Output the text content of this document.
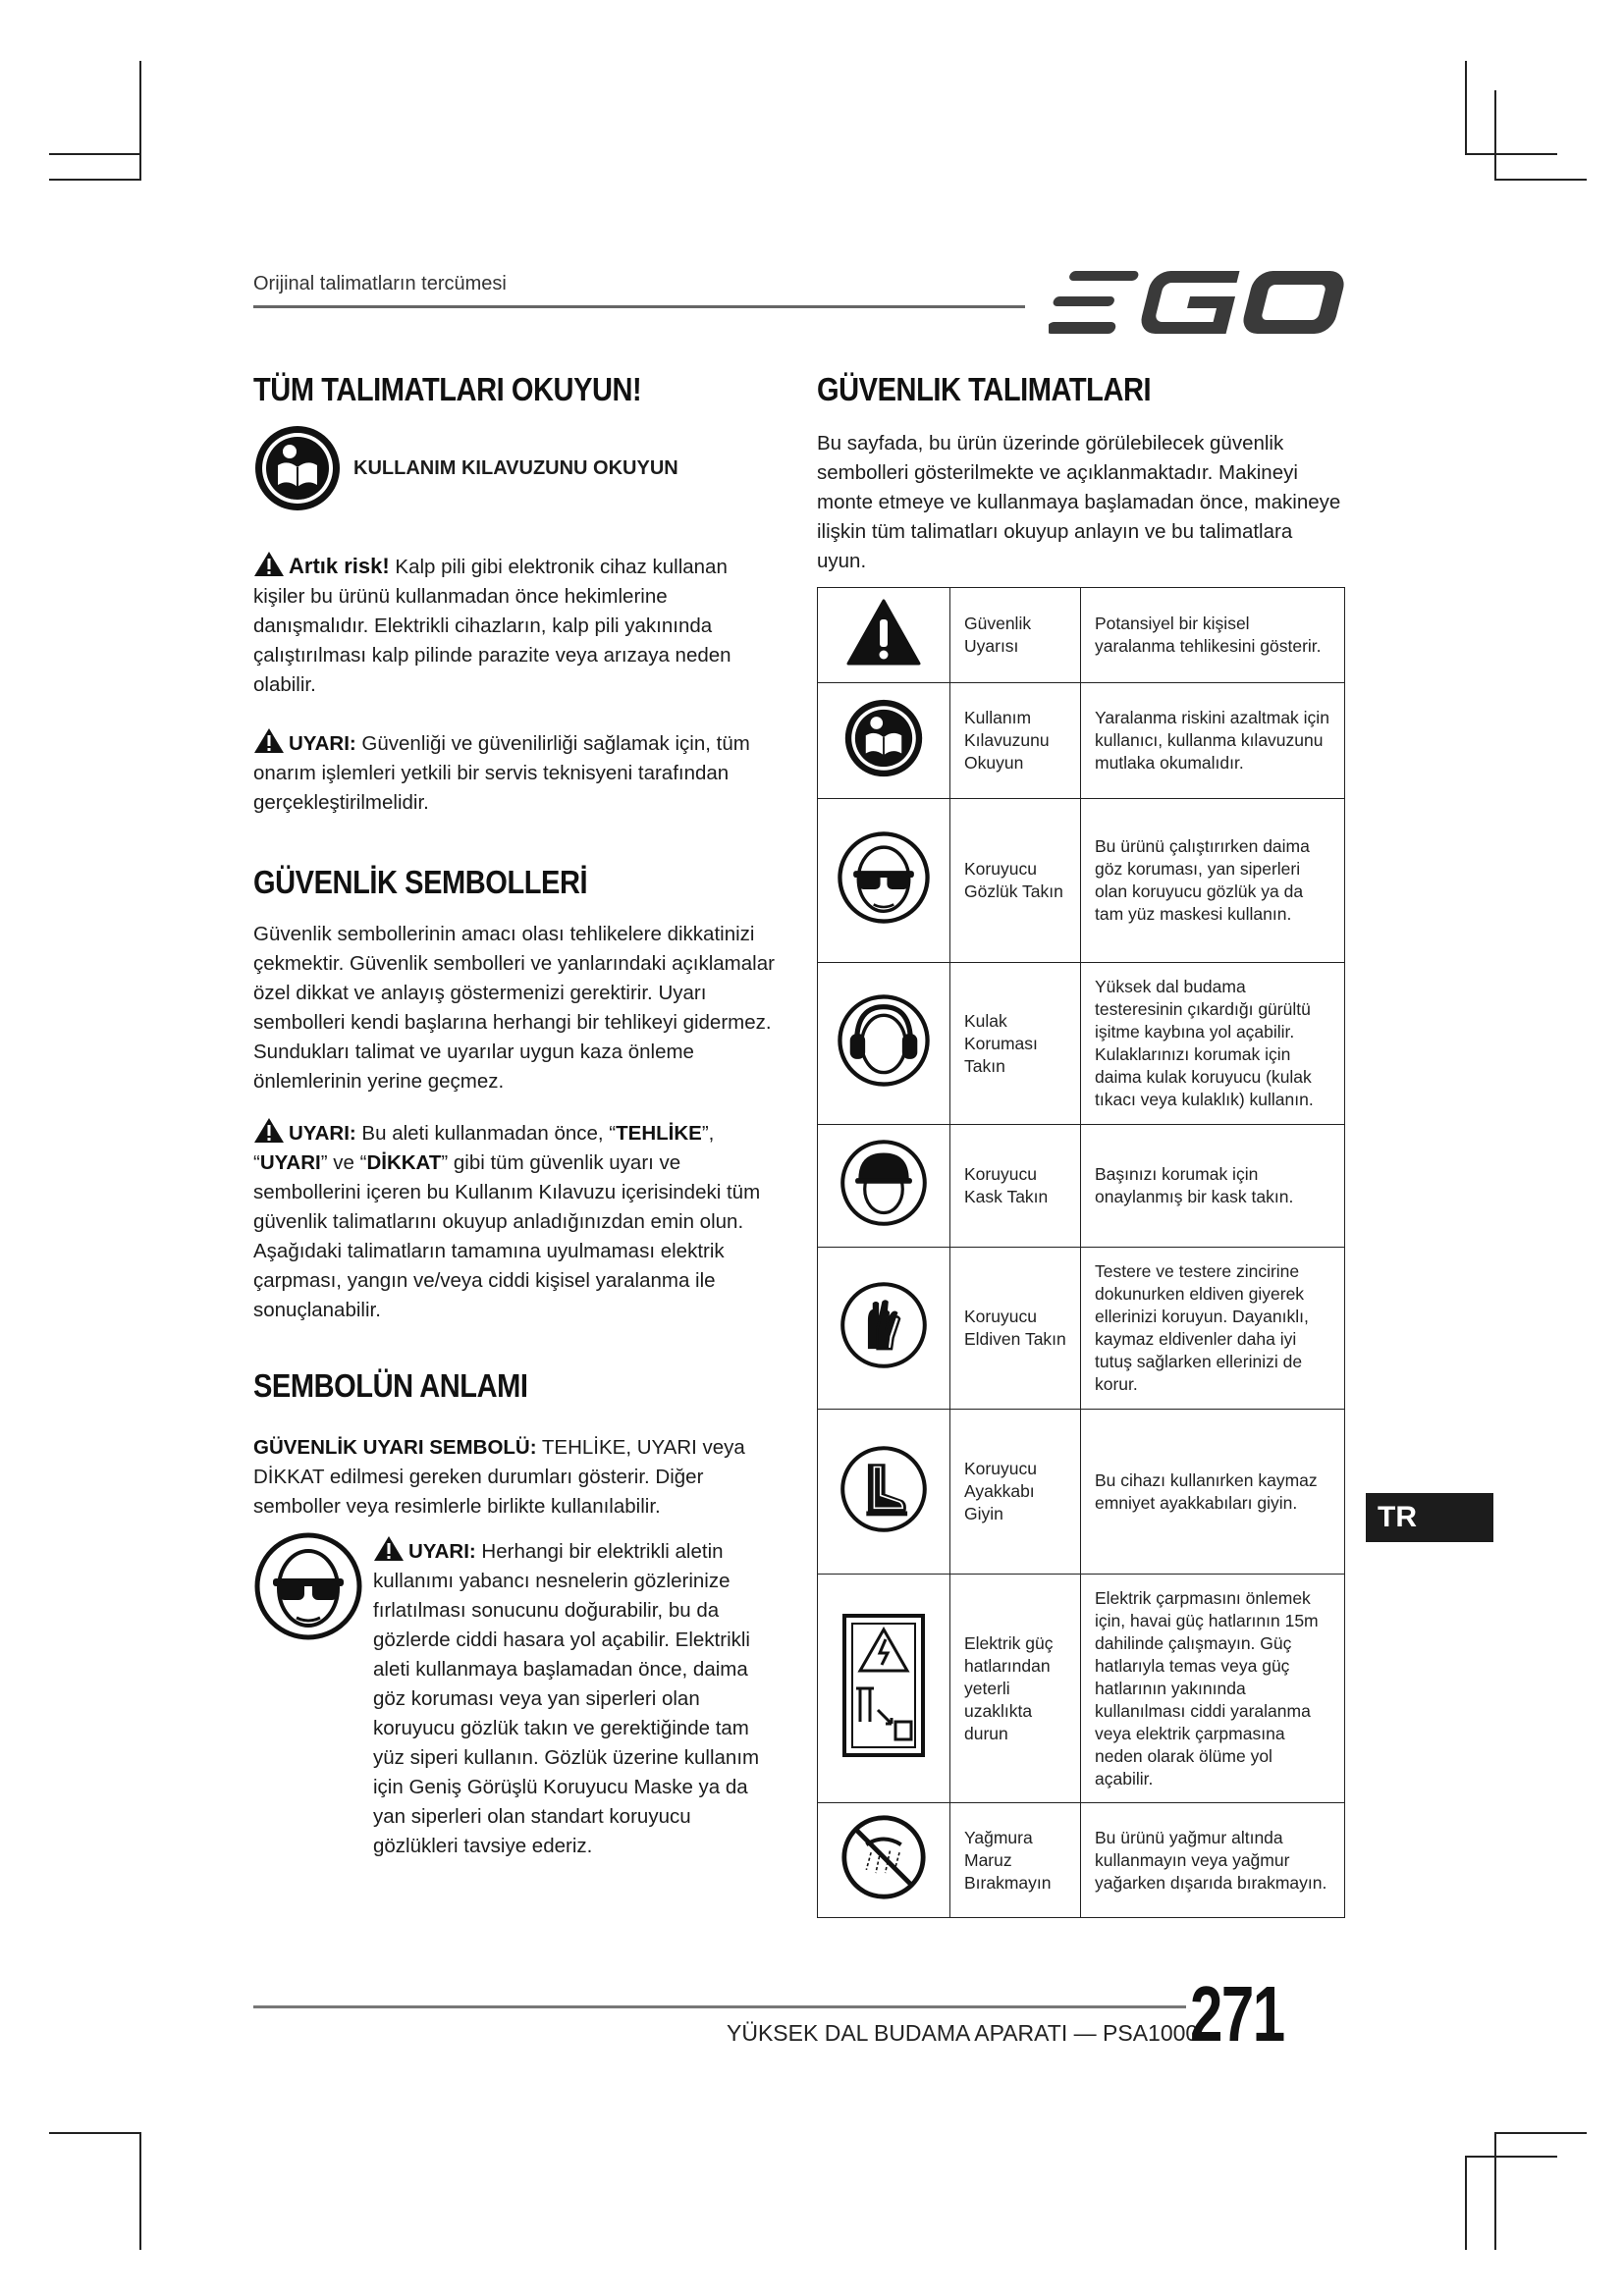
Orijinal talimatların tercümesi
TÜM TALIMATLARI OKUYUN!
KULLANIM KILAVUZUNU OKUYUN
Artık risk! Kalp pili gibi elektronik cihaz kullanan kişiler bu ürünü kullanmadan önce hekimlerine danışmalıdır. Elektrikli cihazların, kalp pili yakınında çalıştırılması kalp pilinde parazite veya arızaya neden olabilir.
UYARI: Güvenliği ve güvenilirliği sağlamak için, tüm onarım işlemleri yetkili bir servis teknisyeni tarafından gerçekleştirilmelidir.
GÜVENLİK SEMBOLLERİ
Güvenlik sembollerinin amacı olası tehlikelere dikkatinizi çekmektir. Güvenlik sembolleri ve yanlarındaki açıklamalar özel dikkat ve anlayış göstermenizi gerektirir. Uyarı sembolleri kendi başlarına herhangi bir tehlikeyi gidermez. Sundukları talimat ve uyarılar uygun kaza önleme önlemlerinin yerine geçmez.
UYARI: Bu aleti kullanmadan önce, “TEHLİKE”, “UYARI” ve “DİKKAT” gibi tüm güvenlik uyarı ve sembollerini içeren bu Kullanım Kılavuzu içerisindeki tüm güvenlik talimatlarını okuyup anladığınızdan emin olun. Aşağıdaki talimatların tamamına uyulmaması elektrik çarpması, yangın ve/veya ciddi kişisel yaralanma ile sonuçlanabilir.
SEMBOLÜN ANLAMI
GÜVENLİK UYARI SEMBOLÜ: TEHLİKE, UYARI veya DİKKAT edilmesi gereken durumları gösterir. Diğer semboller veya resimlerle birlikte kullanılabilir.
UYARI: Herhangi bir elektrikli aletin kullanımı yabancı nesnelerin gözlerinize fırlatılması sonucunu doğurabilir, bu da gözlerde ciddi hasara yol açabilir. Elektrikli aleti kullanmaya başlamadan önce, daima göz koruması veya yan siperleri olan koruyucu gözlük takın ve gerektiğinde tam yüz siperi kullanın. Gözlük üzerine kullanım için Geniş Görüşlü Koruyucu Maske ya da yan siperleri olan standart koruyucu gözlükleri tavsiye ederiz.
GÜVENLIK TALIMATLARI
Bu sayfada, bu ürün üzerinde görülebilecek güvenlik sembolleri gösterilmekte ve açıklanmaktadır. Makineyi monte etmeye ve kullanmaya başlamadan önce, makineye ilişkin tüm talimatları okuyup anlayın ve bu talimatlara uyun.
	Güvenlik Uyarısı	Potansiyel bir kişisel yaralanma tehlikesini gösterir.
	Kullanım Kılavuzunu Okuyun	Yaralanma riskini azaltmak için kullanıcı, kullanma kılavuzunu mutlaka okumalıdır.
	Koruyucu Gözlük Takın	Bu ürünü çalıştırırken daima göz koruması, yan siperleri olan koruyucu gözlük ya da tam yüz maskesi kullanın.
	Kulak Koruması Takın	Yüksek dal budama testeresinin çıkardığı gürültü işitme kaybına yol açabilir. Kulaklarınızı korumak için daima kulak koruyucu (kulak tıkacı veya kulaklık) kullanın.
	Koruyucu Kask Takın	Başınızı korumak için onaylanmış bir kask takın.
	Koruyucu Eldiven Takın	Testere ve testere zincirine dokunurken eldiven giyerek ellerinizi koruyun. Dayanıklı, kaymaz eldivenler daha iyi tutuş sağlarken ellerinizi de korur.
	Koruyucu Ayakkabı Giyin	Bu cihazı kullanırken kaymaz emniyet ayakkabıları giyin.
	Elektrik güç hatlarından yeterli uzaklıkta durun	Elektrik çarpmasını önlemek için, havai güç hatlarının 15m dahilinde çalışmayın. Güç hatlarıyla temas veya güç hatlarının yakınında kullanılması ciddi yaralanma veya elektrik çarpmasına neden olarak ölüme yol açabilir.
	Yağmura Maruz Bırakmayın	Bu ürünü yağmur altında kullanmayın veya yağmur yağarken dışarıda bırakmayın.
TR
YÜKSEK DAL BUDAMA APARATI — PSA1000
271
